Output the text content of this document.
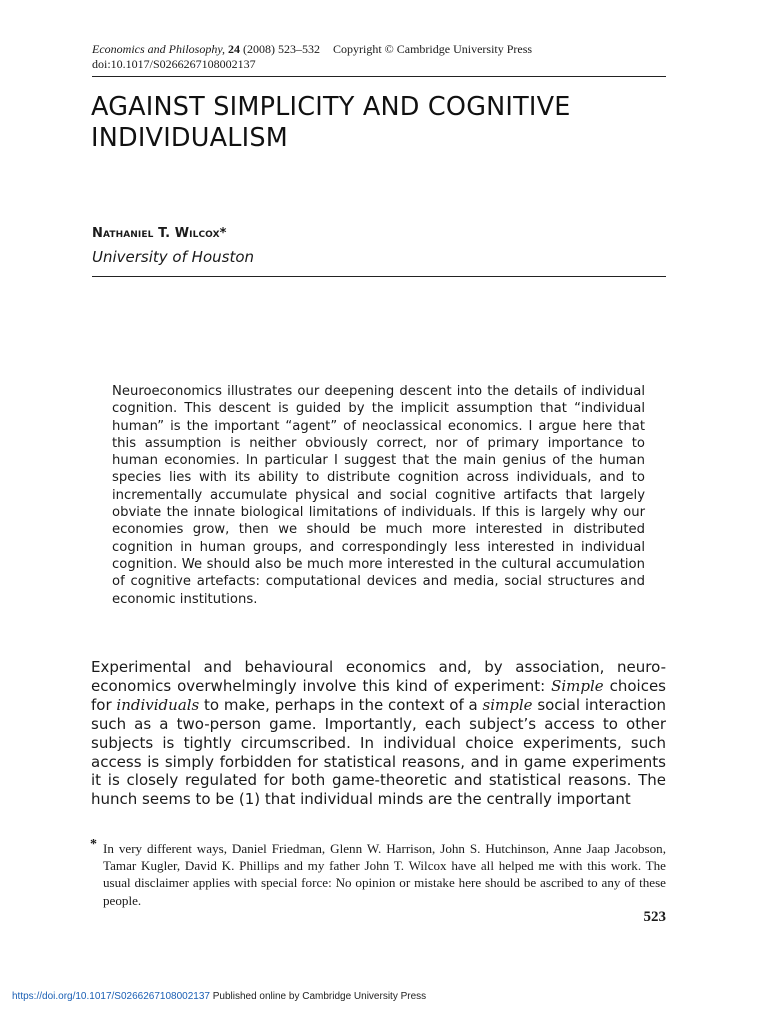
Economics and Philosophy, 24 (2008) 523–532 Copyright © Cambridge University Press
doi:10.1017/S0266267108002137
AGAINST SIMPLICITY AND COGNITIVE
INDIVIDUALISM
Nathaniel T. Wilcox*
University of Houston

Neuroeconomics illustrates our deepening descent into the details of individual cognition. This descent is guided by the implicit assumption that “individual human” is the important “agent” of neoclassical economics. I argue here that this assumption is neither obviously correct, nor of primary importance to human economies. In particular I suggest that the main genius of the human species lies with its ability to distribute cognition across individuals, and to incrementally accumulate physical and social cognitive artifacts that largely obviate the innate biological limitations of individuals. If this is largely why our economies grow, then we should be much more interested in distributed cognition in human groups, and correspondingly less interested in individual cognition. We should also be much more interested in the cultural accumulation of cognitive artefacts: computational devices and media, social structures and economic institutions.

Experimental and behavioural economics and, by association, neuro-economics overwhelmingly involve this kind of experiment: Simple choices for individuals to make, perhaps in the context of a simple social interaction such as a two-person game. Importantly, each subject’s access to other subjects is tightly circumscribed. In individual choice experiments, such access is simply forbidden for statistical reasons, and in game experiments it is closely regulated for both game-theoretic and statistical reasons. The hunch seems to be (1) that individual minds are the centrally important

* In very different ways, Daniel Friedman, Glenn W. Harrison, John S. Hutchinson, Anne Jaap Jacobson, Tamar Kugler, David K. Phillips and my father John T. Wilcox have all helped me with this work. The usual disclaimer applies with special force: No opinion or mistake here should be ascribed to any of these people.

523
https://doi.org/10.1017/S0266267108002137 Published online by Cambridge University Press
